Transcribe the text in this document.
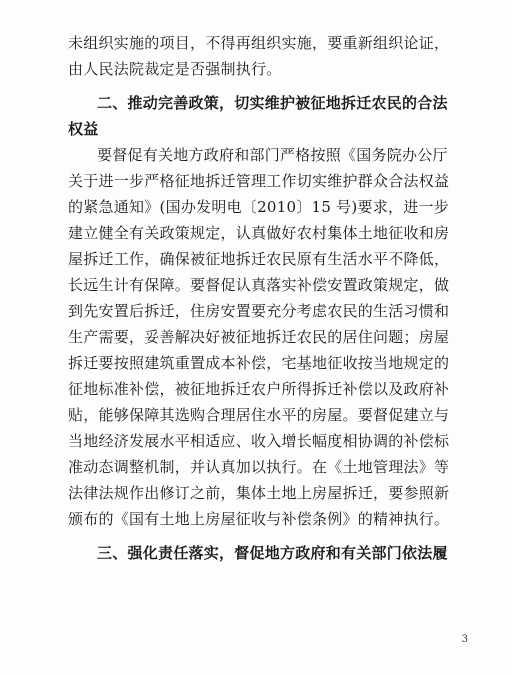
未组织实施的项目，不得再组织实施，要重新组织论证，
由人民法院裁定是否强制执行。
二、推动完善政策，切实维护被征地拆迁农民的合法
权益
要督促有关地方政府和部门严格按照《国务院办公厅
关于进一步严格征地拆迁管理工作切实维护群众合法权益
的紧急通知》(国办发明电〔2010〕15 号)要求，进一步
建立健全有关政策规定，认真做好农村集体土地征收和房
屋拆迁工作，确保被征地拆迁农民原有生活水平不降低，
长远生计有保障。要督促认真落实补偿安置政策规定，做
到先安置后拆迁，住房安置要充分考虑农民的生活习惯和
生产需要，妥善解决好被征地拆迁农民的居住问题；房屋
拆迁要按照建筑重置成本补偿，宅基地征收按当地规定的
征地标准补偿，被征地拆迁农户所得拆迁补偿以及政府补
贴，能够保障其选购合理居住水平的房屋。要督促建立与
当地经济发展水平相适应、收入增长幅度相协调的补偿标
准动态调整机制，并认真加以执行。在《土地管理法》等
法律法规作出修订之前，集体土地上房屋拆迁，要参照新
颁布的《国有土地上房屋征收与补偿条例》的精神执行。
三、强化责任落实，督促地方政府和有关部门依法履
3
